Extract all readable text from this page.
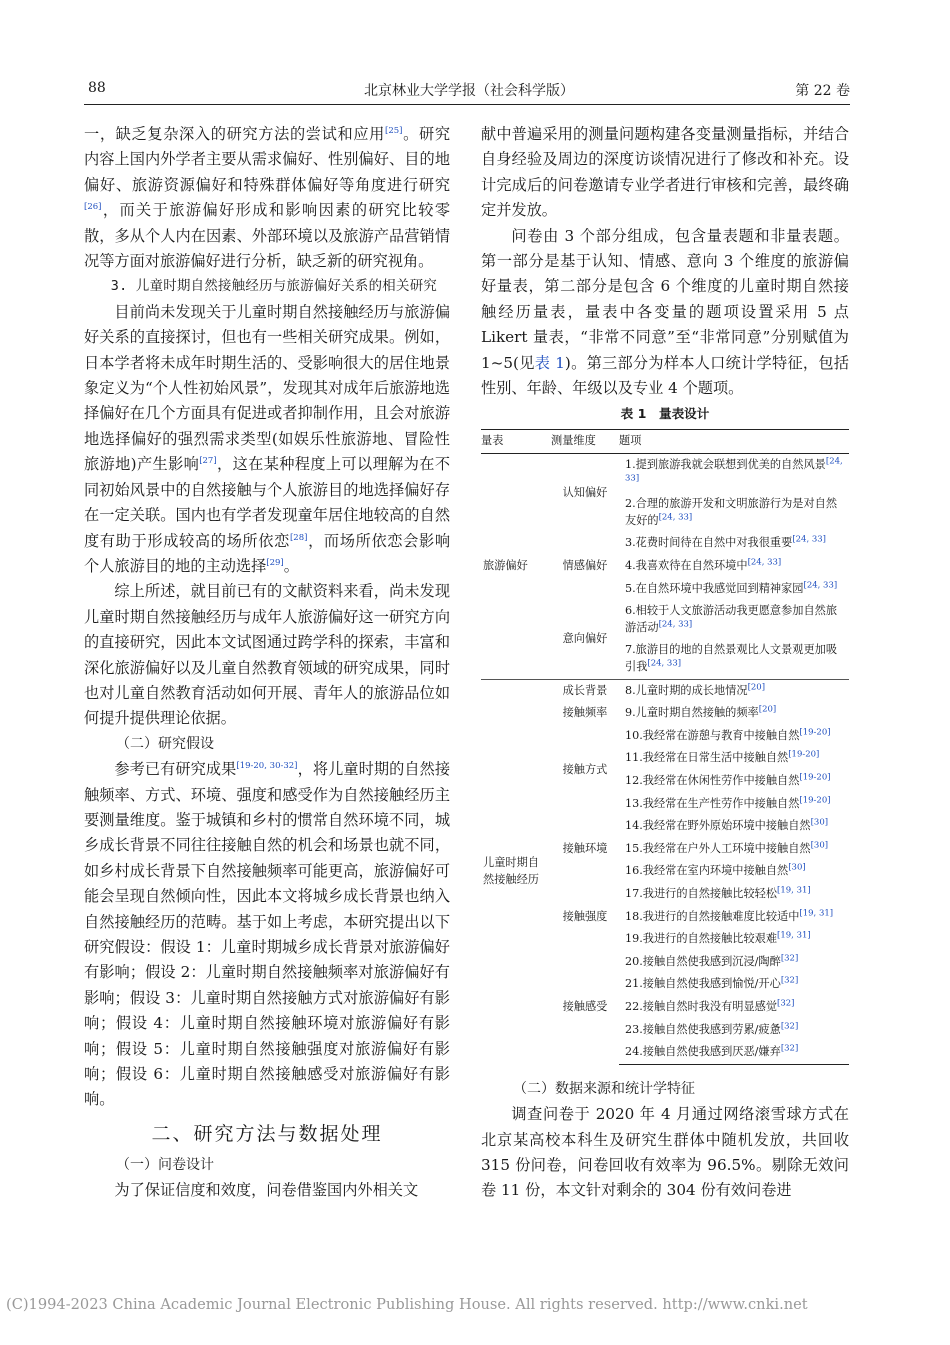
88	北京林业大学学报（社会科学版）	第 22 卷

一，缺乏复杂深入的研究方法的尝试和应用[25]。研究内容上国内外学者主要从需求偏好、性别偏好、目的地偏好、旅游资源偏好和特殊群体偏好等角度进行研究[26]，而关于旅游偏好形成和影响因素的研究比较零散，多从个人内在因素、外部环境以及旅游产品营销情况等方面对旅游偏好进行分析，缺乏新的研究视角。

3. 儿童时期自然接触经历与旅游偏好关系的相关研究

目前尚未发现关于儿童时期自然接触经历与旅游偏好关系的直接探讨，但也有一些相关研究成果。例如，日本学者将未成年时期生活的、受影响很大的居住地景象定义为“个人性初始风景”，发现其对成年后旅游地选择偏好在几个方面具有促进或者抑制作用，且会对旅游地选择偏好的强烈需求类型(如娱乐性旅游地、冒险性旅游地)产生影响[27]，这在某种程度上可以理解为在不同初始风景中的自然接触与个人旅游目的地选择偏好存在一定关联。国内也有学者发现童年居住地较高的自然度有助于形成较高的场所依恋[28]，而场所依恋会影响个人旅游目的地的主动选择[29]。

综上所述，就目前已有的文献资料来看，尚未发现儿童时期自然接触经历与成年人旅游偏好这一研究方向的直接研究，因此本文试图通过跨学科的探索，丰富和深化旅游偏好以及儿童自然教育领域的研究成果，同时也对儿童自然教育活动如何开展、青年人的旅游品位如何提升提供理论依据。

（二）研究假设

参考已有研究成果[19-20, 30-32]，将儿童时期的自然接触频率、方式、环境、强度和感受作为自然接触经历主要测量维度。鉴于城镇和乡村的惯常自然环境不同，城乡成长背景不同往往接触自然的机会和场景也就不同，如乡村成长背景下自然接触频率可能更高，旅游偏好可能会呈现自然倾向性，因此本文将城乡成长背景也纳入自然接触经历的范畴。基于如上考虑，本研究提出以下研究假设：假设 1：儿童时期城乡成长背景对旅游偏好有影响；假设 2：儿童时期自然接触频率对旅游偏好有影响；假设 3：儿童时期自然接触方式对旅游偏好有影响；假设 4：儿童时期自然接触环境对旅游偏好有影响；假设 5：儿童时期自然接触强度对旅游偏好有影响；假设 6：儿童时期自然接触感受对旅游偏好有影响。

二、研究方法与数据处理

（一）问卷设计

为了保证信度和效度，问卷借鉴国内外相关文

献中普遍采用的测量问题构建各变量测量指标，并结合自身经验及周边的深度访谈情况进行了修改和补充。设计完成后的问卷邀请专业学者进行审核和完善，最终确定并发放。

问卷由 3 个部分组成，包含量表题和非量表题。第一部分是基于认知、情感、意向 3 个维度的旅游偏好量表，第二部分是包含 6 个维度的儿童时期自然接触经历量表，量表中各变量的题项设置采用 5 点 Likert 量表，“非常不同意”至“非常同意”分别赋值为 1~5(见表 1)。第三部分为样本人口统计学特征，包括性别、年龄、年级以及专业 4 个题项。

表 1　量表设计
量表	测量维度	题项
旅游偏好	认知偏好	1.提到旅游我就会联想到优美的自然风景[24, 33]
		2.合理的旅游开发和文明旅游行为是对自然友好的[24, 33]
	情感偏好	3.花费时间待在自然中对我很重要[24, 33]
		4.我喜欢待在自然环境中[24, 33]
		5.在自然环境中我感觉回到精神家园[24, 33]
	意向偏好	6.相较于人文旅游活动我更愿意参加自然旅游活动[24, 33]
		7.旅游目的地的自然景观比人文景观更加吸引我[24, 33]
儿童时期自然接触经历	成长背景	8.儿童时期的成长地情况[20]
	接触频率	9.儿童时期自然接触的频率[20]
	接触方式	10.我经常在游憩与教育中接触自然[19-20]
		11.我经常在日常生活中接触自然[19-20]
		12.我经常在休闲性劳作中接触自然[19-20]
		13.我经常在生产性劳作中接触自然[19-20]
	接触环境	14.我经常在野外原始环境中接触自然[30]
		15.我经常在户外人工环境中接触自然[30]
		16.我经常在室内环境中接触自然[30]
	接触强度	17.我进行的自然接触比较轻松[19, 31]
		18.我进行的自然接触难度比较适中[19, 31]
		19.我进行的自然接触比较艰难[19, 31]
	接触感受	20.接触自然使我感到沉浸/陶醉[32]
		21.接触自然使我感到愉悦/开心[32]
		22.接触自然时我没有明显感觉[32]
		23.接触自然使我感到劳累/疲惫[32]
		24.接触自然使我感到厌恶/嫌弃[32]

（二）数据来源和统计学特征

调查问卷于 2020 年 4 月通过网络滚雪球方式在北京某高校本科生及研究生群体中随机发放，共回收 315 份问卷，问卷回收有效率为 96.5%。剔除无效问卷 11 份，本文针对剩余的 304 份有效问卷进

(C)1994-2023 China Academic Journal Electronic Publishing House. All rights reserved. http://www.cnki.net
